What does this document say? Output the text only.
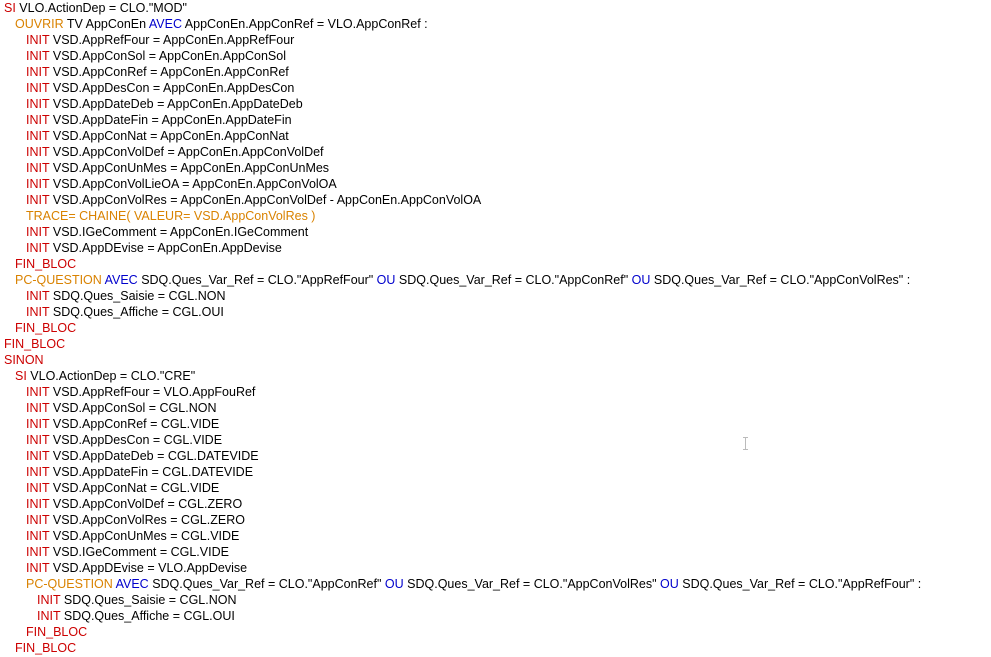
SI VLO.ActionDep = CLO."MOD"
OUVRIR TV AppConEn AVEC AppConEn.AppConRef = VLO.AppConRef :
INIT VSD.AppRefFour = AppConEn.AppRefFour
INIT VSD.AppConSol = AppConEn.AppConSol
INIT VSD.AppConRef = AppConEn.AppConRef
INIT VSD.AppDesCon = AppConEn.AppDesCon
INIT VSD.AppDateDeb = AppConEn.AppDateDeb
INIT VSD.AppDateFin = AppConEn.AppDateFin
INIT VSD.AppConNat = AppConEn.AppConNat
INIT VSD.AppConVolDef = AppConEn.AppConVolDef
INIT VSD.AppConUnMes = AppConEn.AppConUnMes
INIT VSD.AppConVolLieOA = AppConEn.AppConVolOA
INIT VSD.AppConVolRes = AppConEn.AppConVolDef - AppConEn.AppConVolOA
TRACE= CHAINE( VALEUR= VSD.AppConVolRes )
INIT VSD.IGeComment = AppConEn.IGeComment
INIT VSD.AppDEvise = AppConEn.AppDevise
FIN_BLOC
PC-QUESTION AVEC SDQ.Ques_Var_Ref = CLO."AppRefFour" OU SDQ.Ques_Var_Ref = CLO."AppConRef" OU SDQ.Ques_Var_Ref = CLO."AppConVolRes" :
INIT SDQ.Ques_Saisie = CGL.NON
INIT SDQ.Ques_Affiche = CGL.OUI
FIN_BLOC
FIN_BLOC
SINON
SI VLO.ActionDep = CLO."CRE"
INIT VSD.AppRefFour = VLO.AppFouRef
INIT VSD.AppConSol = CGL.NON
INIT VSD.AppConRef = CGL.VIDE
INIT VSD.AppDesCon = CGL.VIDE
INIT VSD.AppDateDeb = CGL.DATEVIDE
INIT VSD.AppDateFin = CGL.DATEVIDE
INIT VSD.AppConNat = CGL.VIDE
INIT VSD.AppConVolDef = CGL.ZERO
INIT VSD.AppConVolRes = CGL.ZERO
INIT VSD.AppConUnMes = CGL.VIDE
INIT VSD.IGeComment = CGL.VIDE
INIT VSD.AppDEvise = VLO.AppDevise
PC-QUESTION AVEC SDQ.Ques_Var_Ref = CLO."AppConRef" OU SDQ.Ques_Var_Ref = CLO."AppConVolRes" OU SDQ.Ques_Var_Ref = CLO."AppRefFour" :
INIT SDQ.Ques_Saisie = CGL.NON
INIT SDQ.Ques_Affiche = CGL.OUI
FIN_BLOC
FIN_BLOC
